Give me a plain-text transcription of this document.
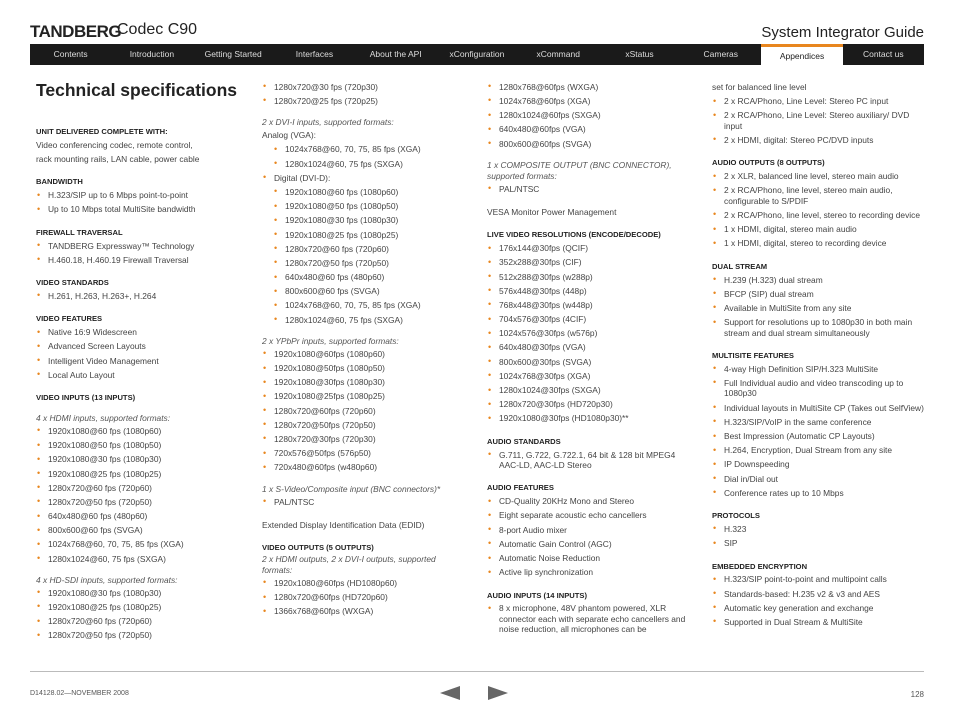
TANDBERG
Codec C90	System Integrator Guide
Contents	Introduction	Getting Started	Interfaces	About the API	xConfiguration	xCommand	xStatus	Cameras	Appendices	Contact us
Technical specifications
UNIT DELIVERED COMPLETE WITH:
Video conferencing codec, remote control,
rack mounting rails, LAN cable, power cable
BANDWIDTH
• H.323/SIP up to 6 Mbps point-to-point
• Up to 10 Mbps total MultiSite bandwidth
FIREWALL TRAVERSAL
• TANDBERG Expressway™ Technology
• H.460.18, H.460.19 Firewall Traversal
VIDEO STANDARDS
• H.261, H.263, H.263+, H.264
VIDEO FEATURES
• Native 16:9 Widescreen
• Advanced Screen Layouts
• Intelligent Video Management
• Local Auto Layout
VIDEO INPUTS (13 INPUTS)
4 x HDMI inputs, supported formats:
• 1920x1080@60 fps (1080p60)
• 1920x1080@50 fps (1080p50)
• 1920x1080@30 fps (1080p30)
• 1920x1080@25 fps (1080p25)
• 1280x720@60 fps (720p60)
• 1280x720@50 fps (720p50)
• 640x480@60 fps (480p60)
• 800x600@60 fps (SVGA)
• 1024x768@60, 70, 75, 85 fps (XGA)
• 1280x1024@60, 75 fps (SXGA)
4 x HD-SDI inputs, supported formats:
• 1920x1080@30 fps (1080p30)
• 1920x1080@25 fps (1080p25)
• 1280x720@60 fps (720p60)
• 1280x720@50 fps (720p50)
• 1280x720@30 fps (720p30)
• 1280x720@25 fps (720p25)
2 x DVI-I inputs, supported formats:
Analog (VGA):
• 1024x768@60, 70, 75, 85 fps (XGA)
• 1280x1024@60, 75 fps (SXGA)
• Digital (DVI-D):
• 1920x1080@60 fps (1080p60)
• 1920x1080@50 fps (1080p50)
• 1920x1080@30 fps (1080p30)
• 1920x1080@25 fps (1080p25)
• 1280x720@60 fps (720p60)
• 1280x720@50 fps (720p50)
• 640x480@60 fps (480p60)
• 800x600@60 fps (SVGA)
• 1024x768@60, 70, 75, 85 fps (XGA)
• 1280x1024@60, 75 fps (SXGA)
2 x YPbPr inputs, supported formats:
• 1920x1080@60fps (1080p60)
• 1920x1080@50fps (1080p50)
• 1920x1080@30fps (1080p30)
• 1920x1080@25fps (1080p25)
• 1280x720@60fps (720p60)
• 1280x720@50fps (720p50)
• 1280x720@30fps (720p30)
• 720x576@50fps (576p50)
• 720x480@60fps (w480p60)
1 x S-Video/Composite input (BNC connectors)*
• PAL/NTSC
Extended Display Identification Data (EDID)
VIDEO OUTPUTS (5 OUTPUTS)
2 x HDMI outputs, 2 x DVI-I outputs, supported formats:
• 1920x1080@60fps (HD1080p60)
• 1280x720@60fps (HD720p60)
• 1366x768@60fps (WXGA)
• 1280x768@60fps (WXGA)
• 1024x768@60fps (XGA)
• 1280x1024@60fps (SXGA)
• 640x480@60fps (VGA)
• 800x600@60fps (SVGA)
1 x COMPOSITE OUTPUT (BNC CONNECTOR), supported formats:
• PAL/NTSC
VESA Monitor Power Management
LIVE VIDEO RESOLUTIONS (ENCODE/DECODE)
• 176x144@30fps (QCIF)
• 352x288@30fps (CIF)
• 512x288@30fps (w288p)
• 576x448@30fps (448p)
• 768x448@30fps (w448p)
• 704x576@30fps (4CIF)
• 1024x576@30fps (w576p)
• 640x480@30fps (VGA)
• 800x600@30fps (SVGA)
• 1024x768@30fps (XGA)
• 1280x1024@30fps (SXGA)
• 1280x720@30fps (HD720p30)
• 1920x1080@30fps (HD1080p30)**
AUDIO STANDARDS
• G.711, G.722, G.722.1, 64 bit & 128 bit MPEG4 AAC-LD, AAC-LD Stereo
AUDIO FEATURES
• CD-Quality 20KHz Mono and Stereo
• Eight separate acoustic echo cancellers
• 8-port Audio mixer
• Automatic Gain Control (AGC)
• Automatic Noise Reduction
• Active lip synchronization
AUDIO INPUTS (14 INPUTS)
• 8 x microphone, 48V phantom powered, XLR connector each with separate echo cancellers and noise reduction, all microphones can be
set for balanced line level
• 2 x RCA/Phono, Line Level: Stereo PC input
• 2 x RCA/Phono, Line Level: Stereo auxiliary/ DVD input
• 2 x HDMI, digital: Stereo PC/DVD inputs
AUDIO OUTPUTS (8 OUTPUTS)
• 2 x XLR, balanced line level, stereo main audio
• 2 x RCA/Phono, line level, stereo main audio, configurable to S/PDIF
• 2 x RCA/Phono, line level, stereo to recording device
• 1 x HDMI, digital, stereo main audio
• 1 x HDMI, digital, stereo to recording device
DUAL STREAM
• H.239 (H.323) dual stream
• BFCP (SIP) dual stream
• Available in MultiSite from any site
• Support for resolutions up to 1080p30 in both main stream and dual stream simultaneously
MULTISITE FEATURES
• 4-way High Definition SIP/H.323 MultiSite
• Full Individual audio and video transcoding up to 1080p30
• Individual layouts in MultiSite CP (Takes out SelfView)
• H.323/SIP/VoIP in the same conference
• Best Impression (Automatic CP Layouts)
• H.264, Encryption, Dual Stream from any site
• IP Downspeeding
• Dial in/Dial out
• Conference rates up to 10 Mbps
PROTOCOLS
• H.323
• SIP
EMBEDDED ENCRYPTION
• H.323/SIP point-to-point and multipoint calls
• Standards-based: H.235 v2 & v3 and AES
• Automatic key generation and exchange
• Supported in Dual Stream & MultiSite
D14128.02—NOVEMBER 2008	128
